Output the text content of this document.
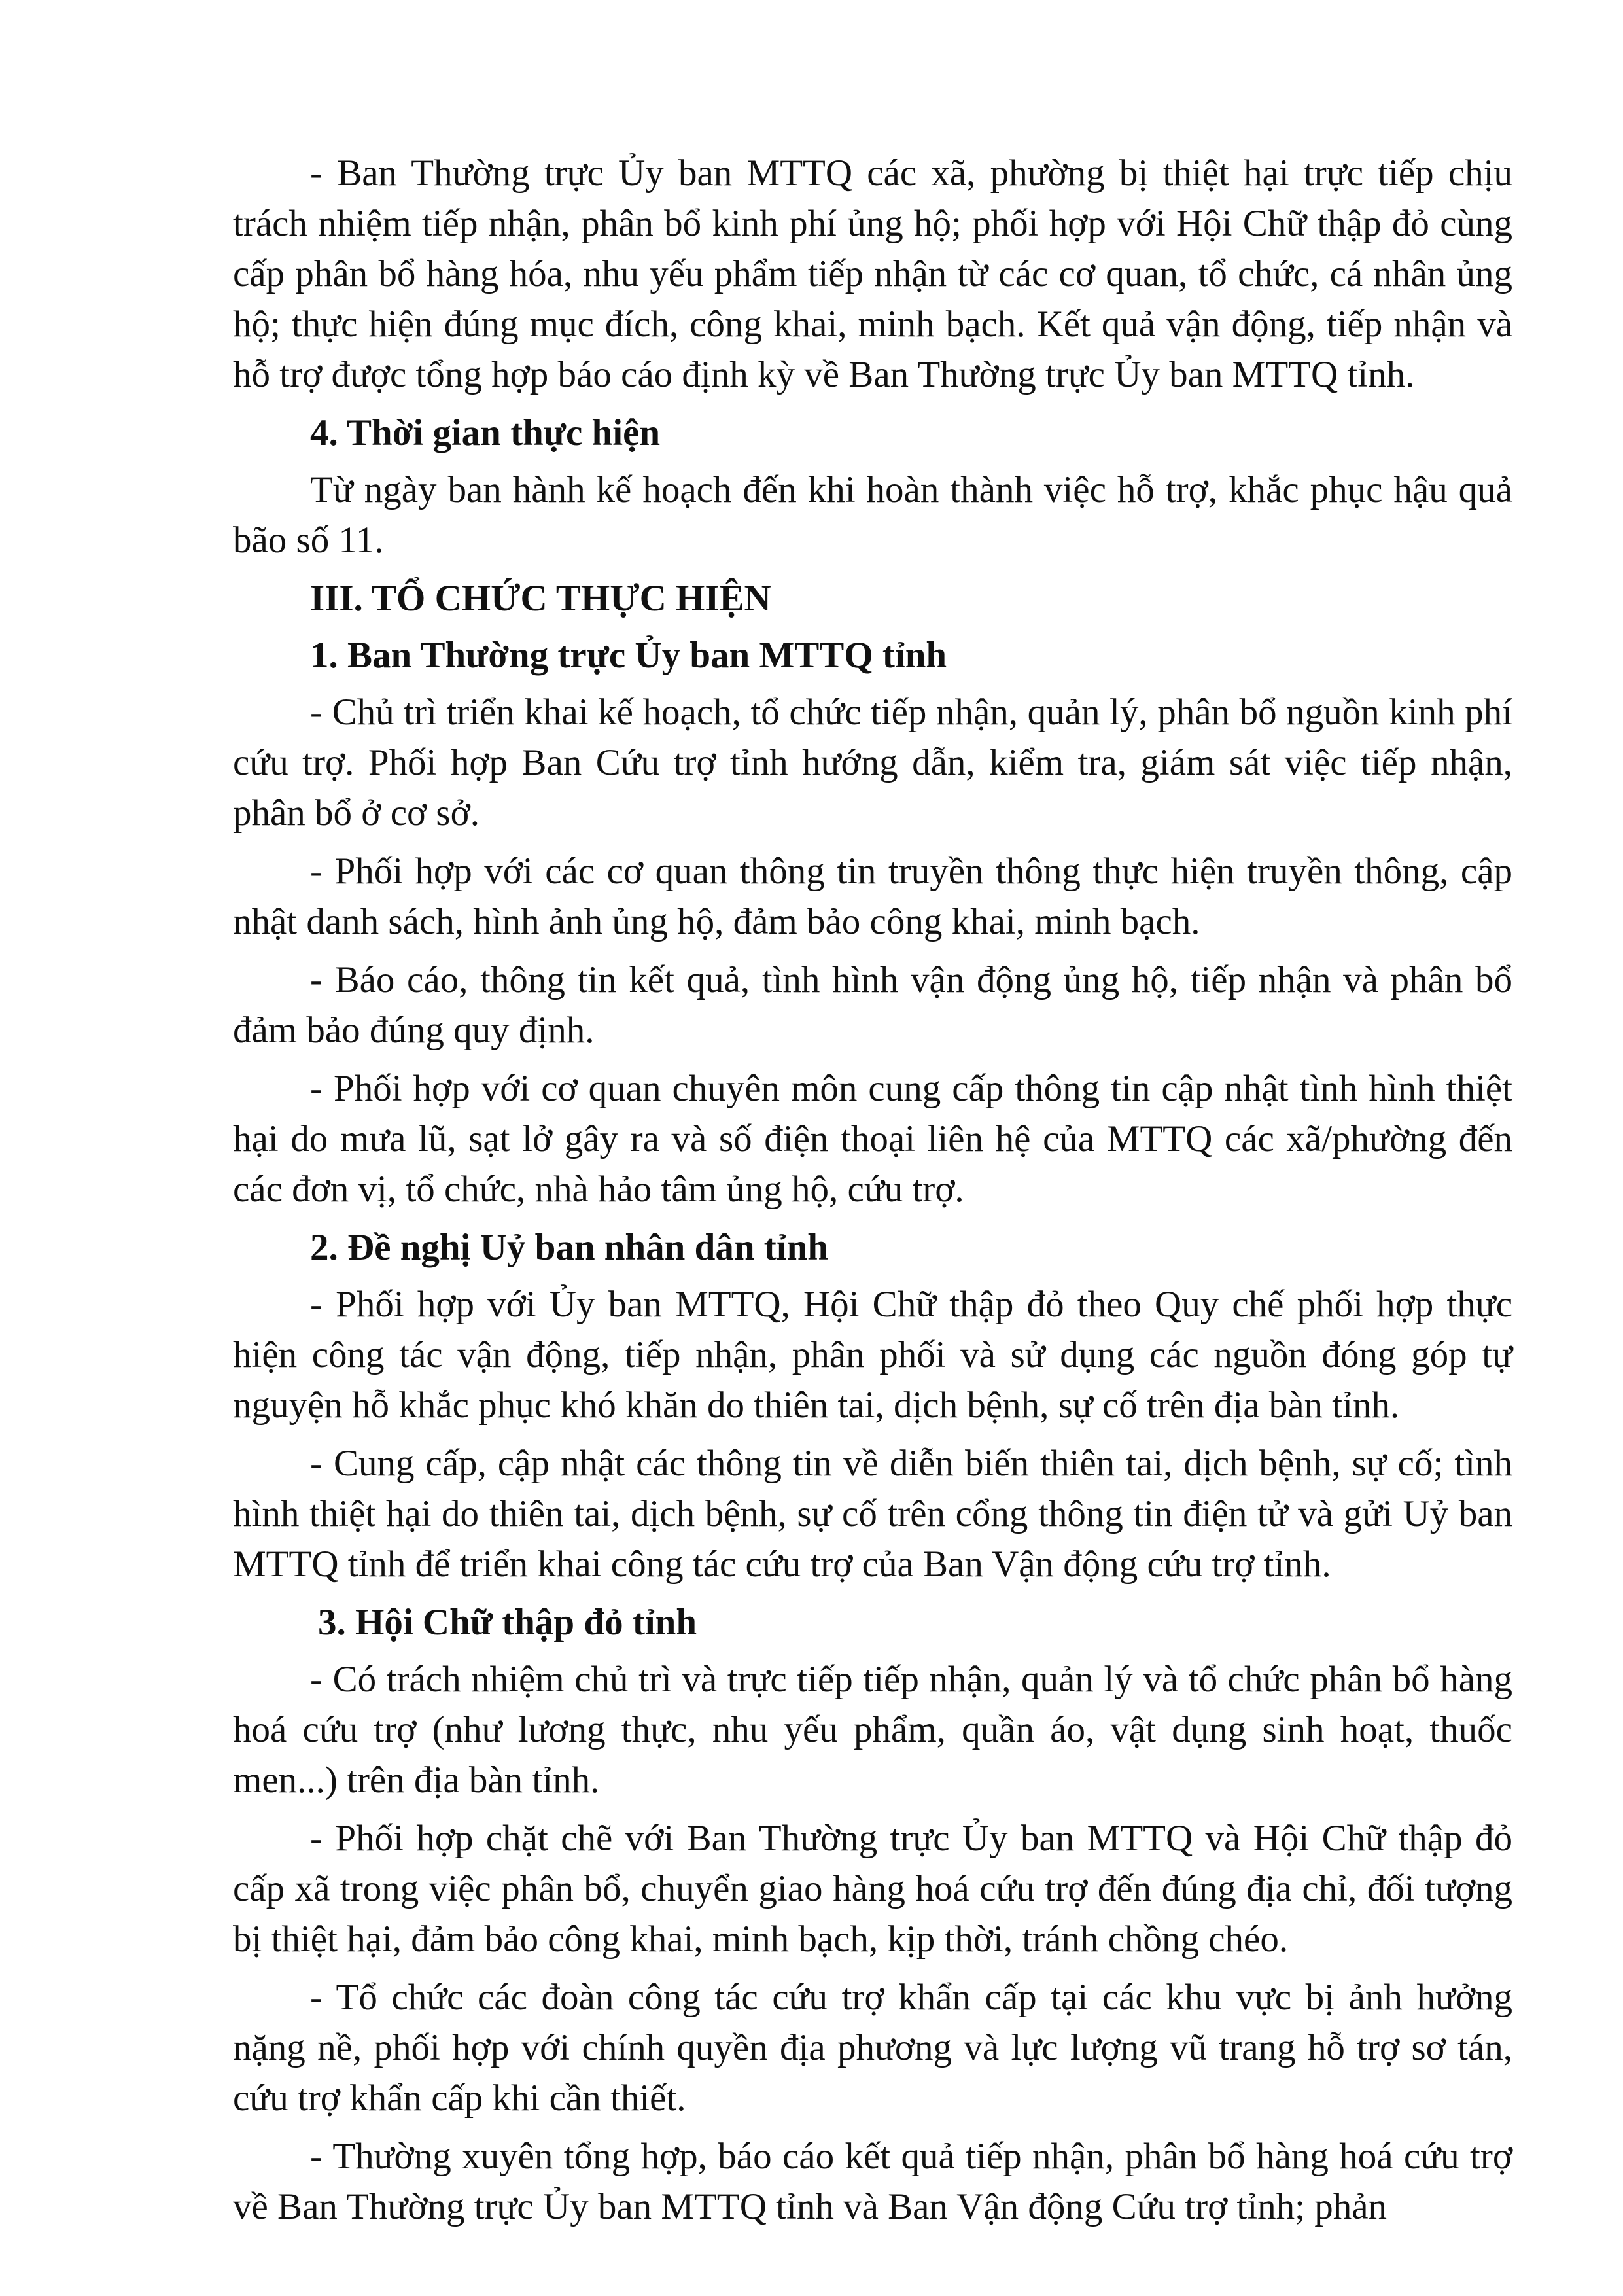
- Ban Thường trực Ủy ban MTTQ các xã, phường bị thiệt hại trực tiếp chịu trách nhiệm tiếp nhận, phân bổ kinh phí ủng hộ; phối hợp với Hội Chữ thập đỏ cùng cấp phân bổ hàng hóa, nhu yếu phẩm tiếp nhận từ các cơ quan, tổ chức, cá nhân ủng hộ; thực hiện đúng mục đích, công khai, minh bạch. Kết quả vận động, tiếp nhận và hỗ trợ được tổng hợp báo cáo định kỳ về Ban Thường trực Ủy ban MTTQ tỉnh.

4. Thời gian thực hiện

Từ ngày ban hành kế hoạch đến khi hoàn thành việc hỗ trợ, khắc phục hậu quả bão số 11.

III. TỔ CHỨC THỰC HIỆN

1. Ban Thường trực Ủy ban MTTQ tỉnh

- Chủ trì triển khai kế hoạch, tổ chức tiếp nhận, quản lý, phân bổ nguồn kinh phí cứu trợ. Phối hợp Ban Cứu trợ tỉnh hướng dẫn, kiểm tra, giám sát việc tiếp nhận, phân bổ ở cơ sở.

- Phối hợp với các cơ quan thông tin truyền thông thực hiện truyền thông, cập nhật danh sách, hình ảnh ủng hộ, đảm bảo công khai, minh bạch.

- Báo cáo, thông tin kết quả, tình hình vận động ủng hộ, tiếp nhận và phân bổ đảm bảo đúng quy định.

- Phối hợp với cơ quan chuyên môn cung cấp thông tin cập nhật tình hình thiệt hại do mưa lũ, sạt lở gây ra và số điện thoại liên hệ của MTTQ các xã/phường đến các đơn vị, tổ chức, nhà hảo tâm ủng hộ, cứu trợ.

2. Đề nghị Uỷ ban nhân dân tỉnh

- Phối hợp với Ủy ban MTTQ, Hội Chữ thập đỏ theo Quy chế phối hợp thực hiện công tác vận động, tiếp nhận, phân phối và sử dụng các nguồn đóng góp tự nguyện hỗ khắc phục khó khăn do thiên tai, dịch bệnh, sự cố trên địa bàn tỉnh.

- Cung cấp, cập nhật các thông tin về diễn biến thiên tai, dịch bệnh, sự cố; tình hình thiệt hại do thiên tai, dịch bệnh, sự cố trên cổng thông tin điện tử và gửi Uỷ ban MTTQ tỉnh để triển khai công tác cứu trợ của Ban Vận động cứu trợ tỉnh.

3. Hội Chữ thập đỏ tỉnh

- Có trách nhiệm chủ trì và trực tiếp tiếp nhận, quản lý và tổ chức phân bổ hàng hoá cứu trợ (như lương thực, nhu yếu phẩm, quần áo, vật dụng sinh hoạt, thuốc men...) trên địa bàn tỉnh.

- Phối hợp chặt chẽ với Ban Thường trực Ủy ban MTTQ và Hội Chữ thập đỏ cấp xã trong việc phân bổ, chuyển giao hàng hoá cứu trợ đến đúng địa chỉ, đối tượng bị thiệt hại, đảm bảo công khai, minh bạch, kịp thời, tránh chồng chéo.

- Tổ chức các đoàn công tác cứu trợ khẩn cấp tại các khu vực bị ảnh hưởng nặng nề, phối hợp với chính quyền địa phương và lực lượng vũ trang hỗ trợ sơ tán, cứu trợ khẩn cấp khi cần thiết.

- Thường xuyên tổng hợp, báo cáo kết quả tiếp nhận, phân bổ hàng hoá cứu trợ về Ban Thường trực Ủy ban MTTQ tỉnh và Ban Vận động Cứu trợ tỉnh; phản
